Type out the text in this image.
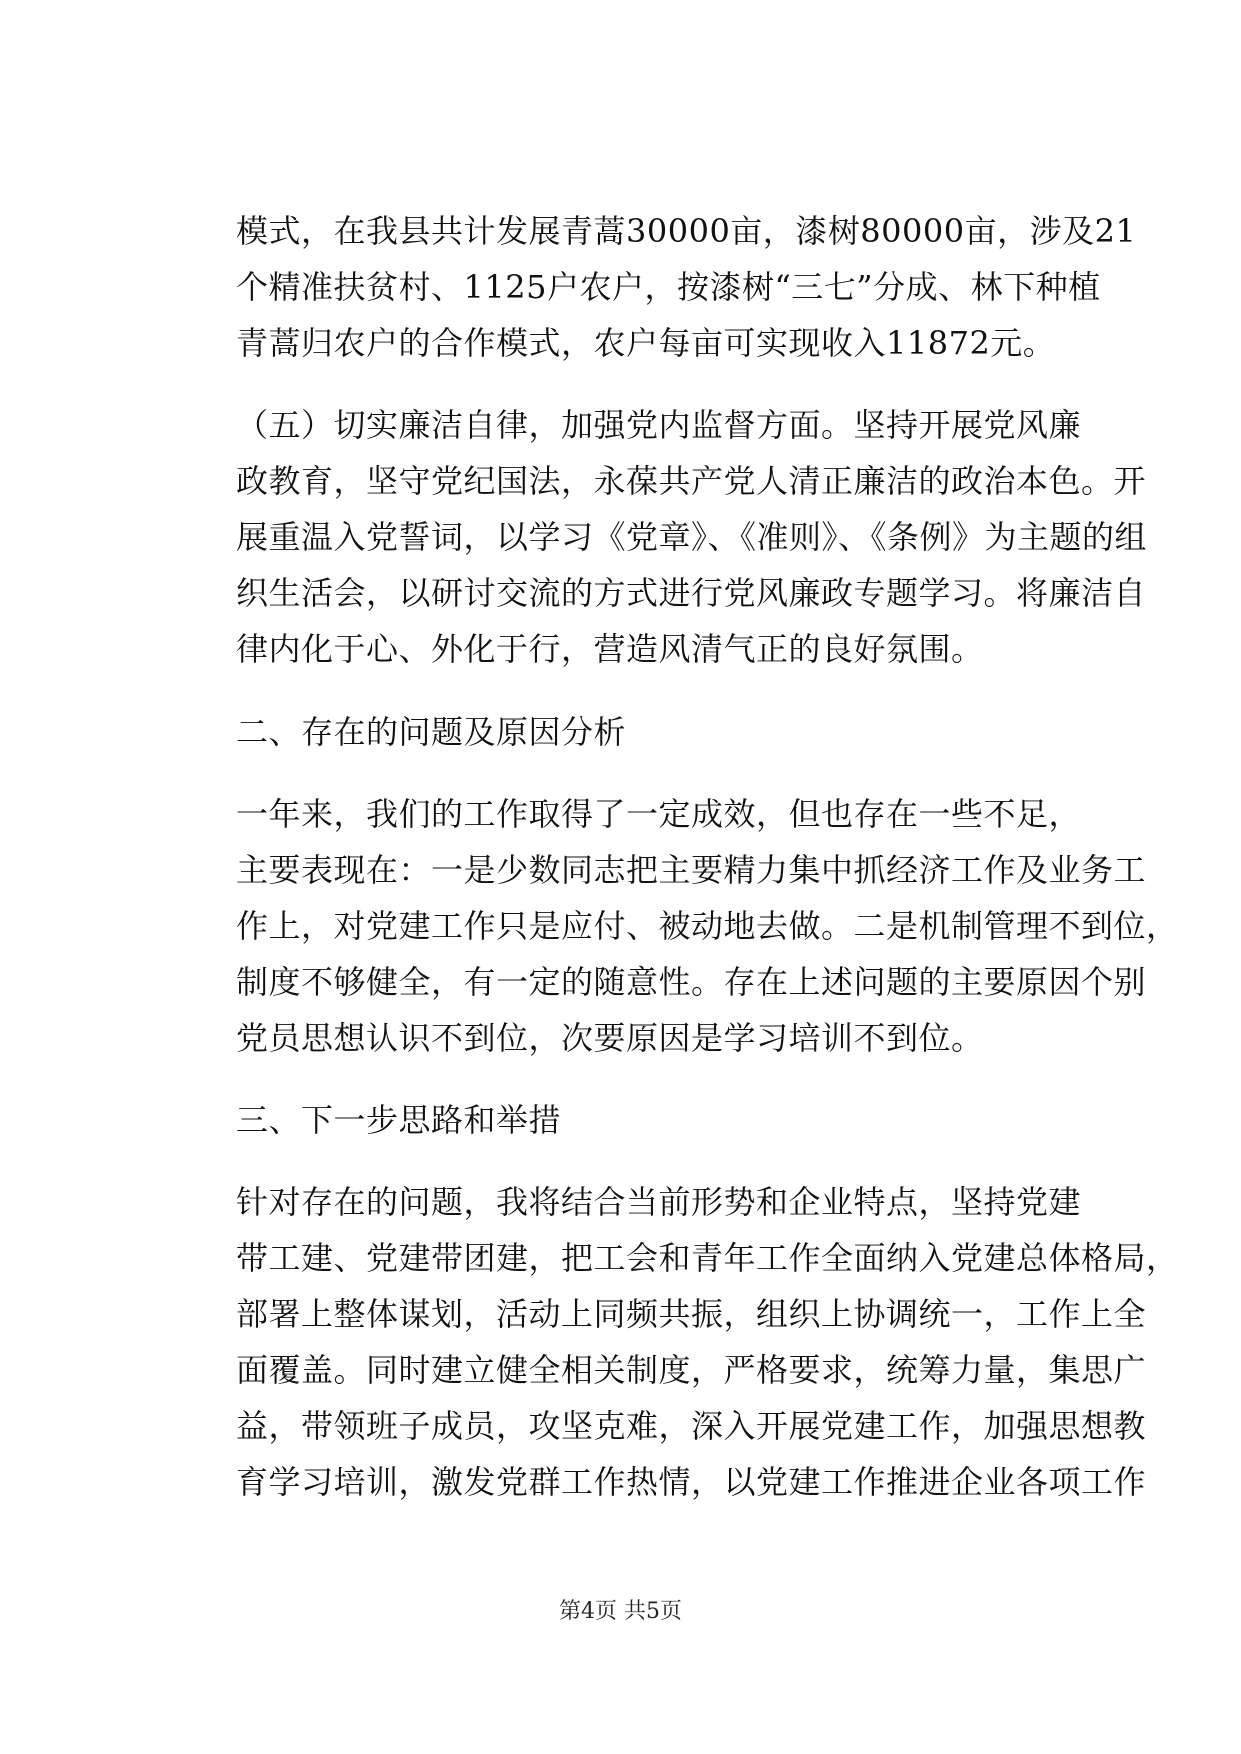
模式，在我县共计发展青蒿30000亩，漆树80000亩，涉及21
个精准扶贫村、1125户农户，按漆树“三七”分成、林下种植
青蒿归农户的合作模式，农户每亩可实现收入11872元。
（五）切实廉洁自律，加强党内监督方面。坚持开展党风廉
政教育，坚守党纪国法，永葆共产党人清正廉洁的政治本色。开
展重温入党誓词，以学习《党章》、《准则》、《条例》为主题的组
织生活会，以研讨交流的方式进行党风廉政专题学习。将廉洁自
律内化于心、外化于行，营造风清气正的良好氛围。
二、存在的问题及原因分析
一年来，我们的工作取得了一定成效，但也存在一些不足，
主要表现在：一是少数同志把主要精力集中抓经济工作及业务工
作上，对党建工作只是应付、被动地去做。二是机制管理不到位，
制度不够健全，有一定的随意性。存在上述问题的主要原因个别
党员思想认识不到位，次要原因是学习培训不到位。
三、下一步思路和举措
针对存在的问题，我将结合当前形势和企业特点，坚持党建
带工建、党建带团建，把工会和青年工作全面纳入党建总体格局，
部署上整体谋划，活动上同频共振，组织上协调统一，工作上全
面覆盖。同时建立健全相关制度，严格要求，统筹力量，集思广
益，带领班子成员，攻坚克难，深入开展党建工作，加强思想教
育学习培训，激发党群工作热情，以党建工作推进企业各项工作
第4页 共5页
